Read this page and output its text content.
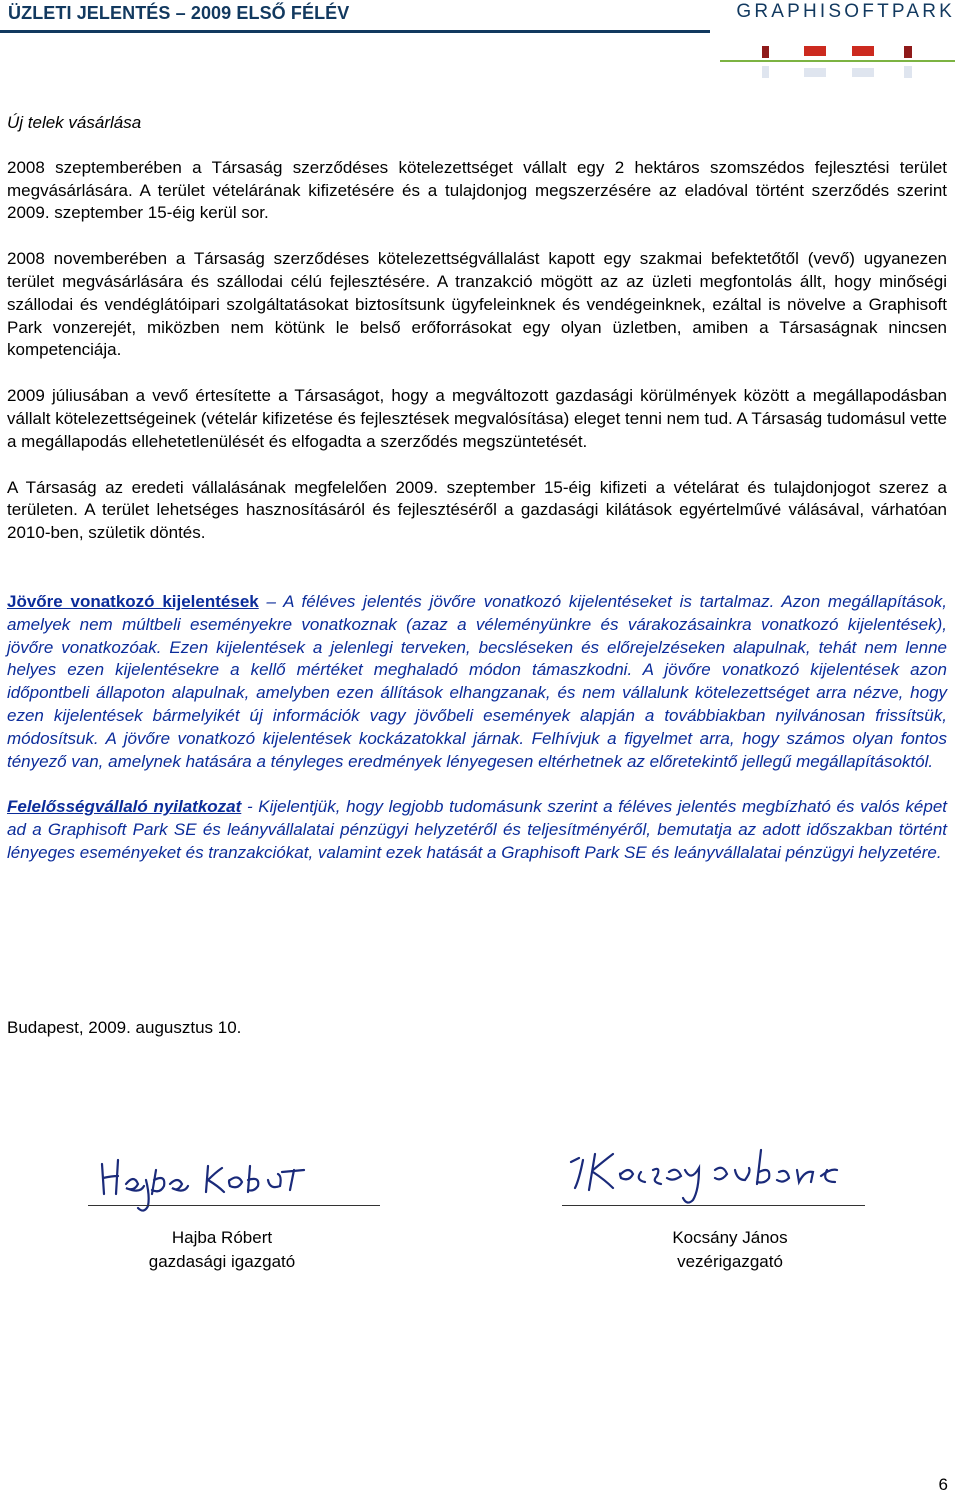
ÜZLETI JELENTÉS – 2009 ELSŐ FÉLÉV	GRAPHISOFTPARK

Új telek vásárlása

2008 szeptemberében a Társaság szerződéses kötelezettséget vállalt egy 2 hektáros szomszédos fejlesztési terület megvásárlására. A terület vételárának kifizetésére és a tulajdonjog megszerzésére az eladóval történt szerződés szerint 2009. szeptember 15-éig kerül sor.

2008 novemberében a Társaság szerződéses kötelezettségvállalást kapott egy szakmai befektetőtől (vevő) ugyanezen terület megvásárlására és szállodai célú fejlesztésére. A tranzakció mögött az az üzleti megfontolás állt, hogy minőségi szállodai és vendéglátóipari szolgáltatásokat biztosítsunk ügyfeleinknek és vendégeinknek, ezáltal is növelve a Graphisoft Park vonzerejét, miközben nem kötünk le belső erőforrásokat egy olyan üzletben, amiben a Társaságnak nincsen kompetenciája.

2009 júliusában a vevő értesítette a Társaságot, hogy a megváltozott gazdasági körülmények között a megállapodásban vállalt kötelezettségeinek (vételár kifizetése és fejlesztések megvalósítása) eleget tenni nem tud. A Társaság tudomásul vette a megállapodás ellehetetlenülését és elfogadta a szerződés megszüntetését.

A Társaság az eredeti vállalásának megfelelően 2009. szeptember 15-éig kifizeti a vételárat és tulajdonjogot szerez a területen. A terület lehetséges hasznosításáról és fejlesztéséről a gazdasági kilátások egyértelművé válásával, várhatóan 2010-ben, születik döntés.

Jövőre vonatkozó kijelentések – A féléves jelentés jövőre vonatkozó kijelentéseket is tartalmaz. Azon megállapítások, amelyek nem múltbeli eseményekre vonatkoznak (azaz a véleményünkre és várakozásainkra vonatkozó kijelentések), jövőre vonatkozóak. Ezen kijelentések a jelenlegi terveken, becsléseken és előrejelzéseken alapulnak, tehát nem lenne helyes ezen kijelentésekre a kellő mértéket meghaladó módon támaszkodni. A jövőre vonatkozó kijelentések azon időpontbeli állapoton alapulnak, amelyben ezen állítások elhangzanak, és nem vállalunk kötelezettséget arra nézve, hogy ezen kijelentések bármelyikét új információk vagy jövőbeli események alapján a továbbiakban nyilvánosan frissítsük, módosítsuk. A jövőre vonatkozó kijelentések kockázatokkal járnak. Felhívjuk a figyelmet arra, hogy számos olyan fontos tényező van, amelynek hatására a tényleges eredmények lényegesen eltérhetnek az előretekintő jellegű megállapításoktól.

Felelősségvállaló nyilatkozat - Kijelentjük, hogy legjobb tudomásunk szerint a féléves jelentés megbízható és valós képet ad a Graphisoft Park SE és leányvállalatai pénzügyi helyzetéről és teljesítményéről, bemutatja az adott időszakban történt lényeges eseményeket és tranzakciókat, valamint ezek hatását a Graphisoft Park SE és leányvállalatai pénzügyi helyzetére.

Budapest, 2009. augusztus 10.
Hajba Róbert
gazdasági igazgató
Kocsány János
vezérigazgató
6
